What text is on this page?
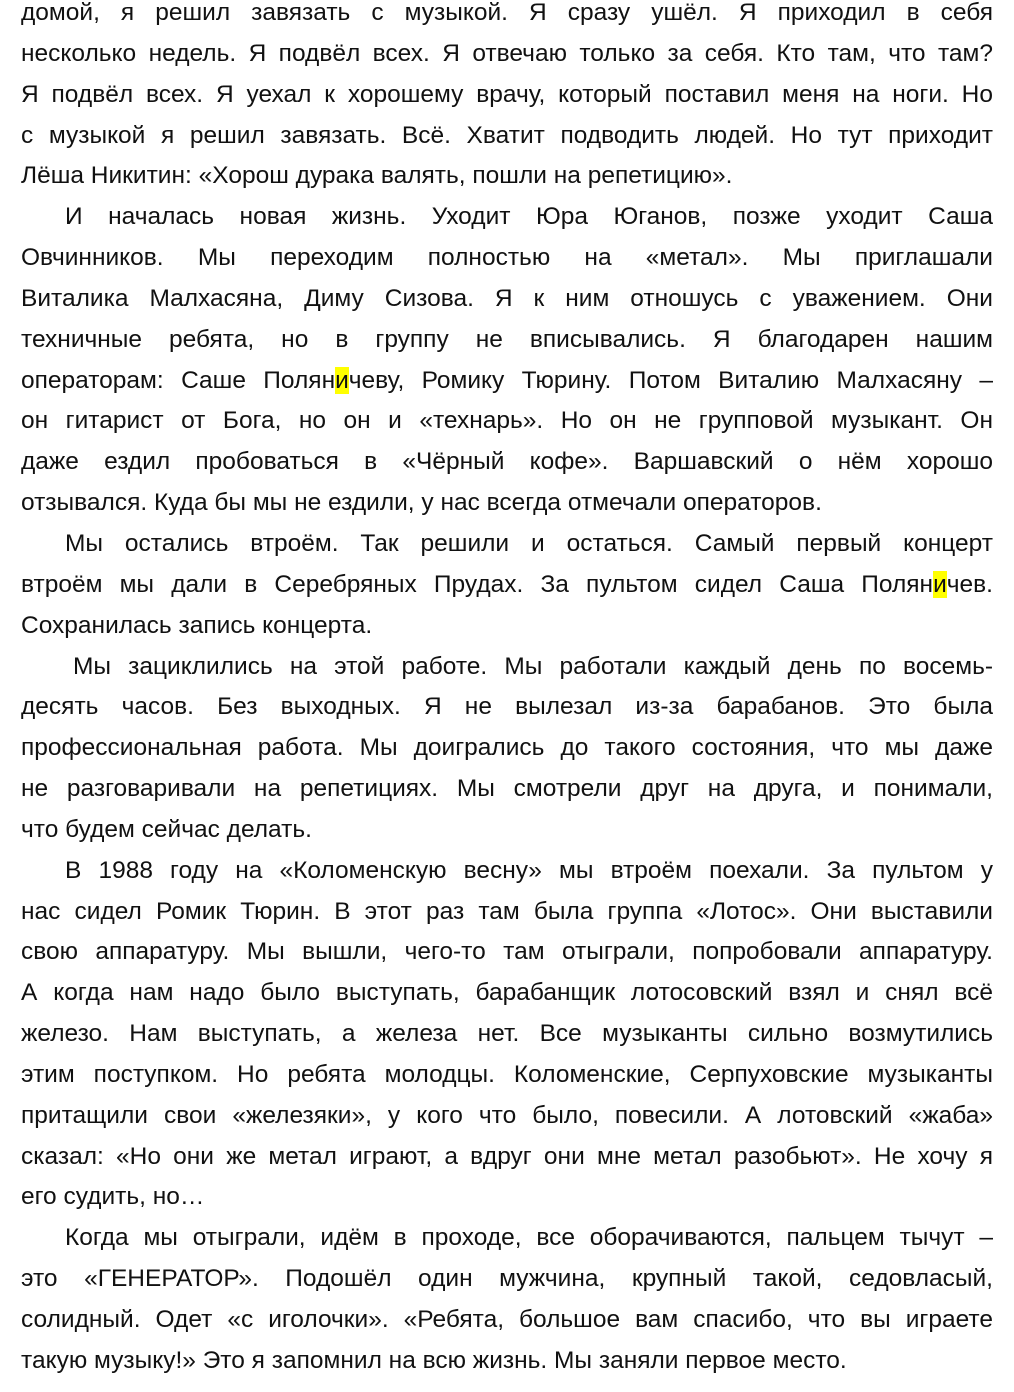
домой, я решил завязать с музыкой. Я сразу ушёл. Я приходил в себя
несколько недель. Я подвёл всех. Я отвечаю только за себя. Кто там, что там?
Я подвёл всех. Я уехал к хорошему врачу, который поставил меня на ноги. Но
с музыкой я решил завязать. Всё. Хватит подводить людей. Но тут приходит
Лёша Никитин: «Хорош дурака валять, пошли на репетицию».
И началась новая жизнь. Уходит Юра Юганов, позже уходит Саша
Овчинников. Мы переходим полностью на «метал». Мы приглашали
Виталика Малхасяна, Диму Сизова. Я к ним отношусь с уважением. Они
техничные ребята, но в группу не вписывались. Я благодарен нашим
операторам: Саше Поляничеву, Ромику Тюрину. Потом Виталию Малхасяну –
он гитарист от Бога, но он и «технарь». Но он не групповой музыкант. Он
даже ездил пробоваться в «Чёрный кофе». Варшавский о нём хорошо
отзывался. Куда бы мы не ездили, у нас всегда отмечали операторов.
Мы остались втроём. Так решили и остаться. Самый первый концерт
втроём мы дали в Серебряных Прудах. За пультом сидел Саша Поляничев.
Сохранилась запись концерта.
Мы зациклились на этой работе. Мы работали каждый день по восемь-
десять часов. Без выходных. Я не вылезал из-за барабанов. Это была
профессиональная работа. Мы доигрались до такого состояния, что мы даже
не разговаривали на репетициях. Мы смотрели друг на друга, и понимали,
что будем сейчас делать.
В 1988 году на «Коломенскую весну» мы втроём поехали. За пультом у
нас сидел Ромик Тюрин. В этот раз там была группа «Лотос». Они выставили
свою аппаратуру. Мы вышли, чего-то там отыграли, попробовали аппаратуру.
А когда нам надо было выступать, барабанщик лотосовский взял и снял всё
железо. Нам выступать, а железа нет. Все музыканты сильно возмутились
этим поступком. Но ребята молодцы. Коломенские, Серпуховские музыканты
притащили свои «железяки», у кого что было, повесили. А лотовский «жаба»
сказал: «Но они же метал играют, а вдруг они мне метал разобьют». Не хочу я
его судить, но…
Когда мы отыграли, идём в проходе, все оборачиваются, пальцем тычут –
это «ГЕНЕРАТОР». Подошёл один мужчина, крупный такой, седовласый,
солидный. Одет «с иголочки». «Ребята, большое вам спасибо, что вы играете
такую музыку!» Это я запомнил на всю жизнь. Мы заняли первое место.
